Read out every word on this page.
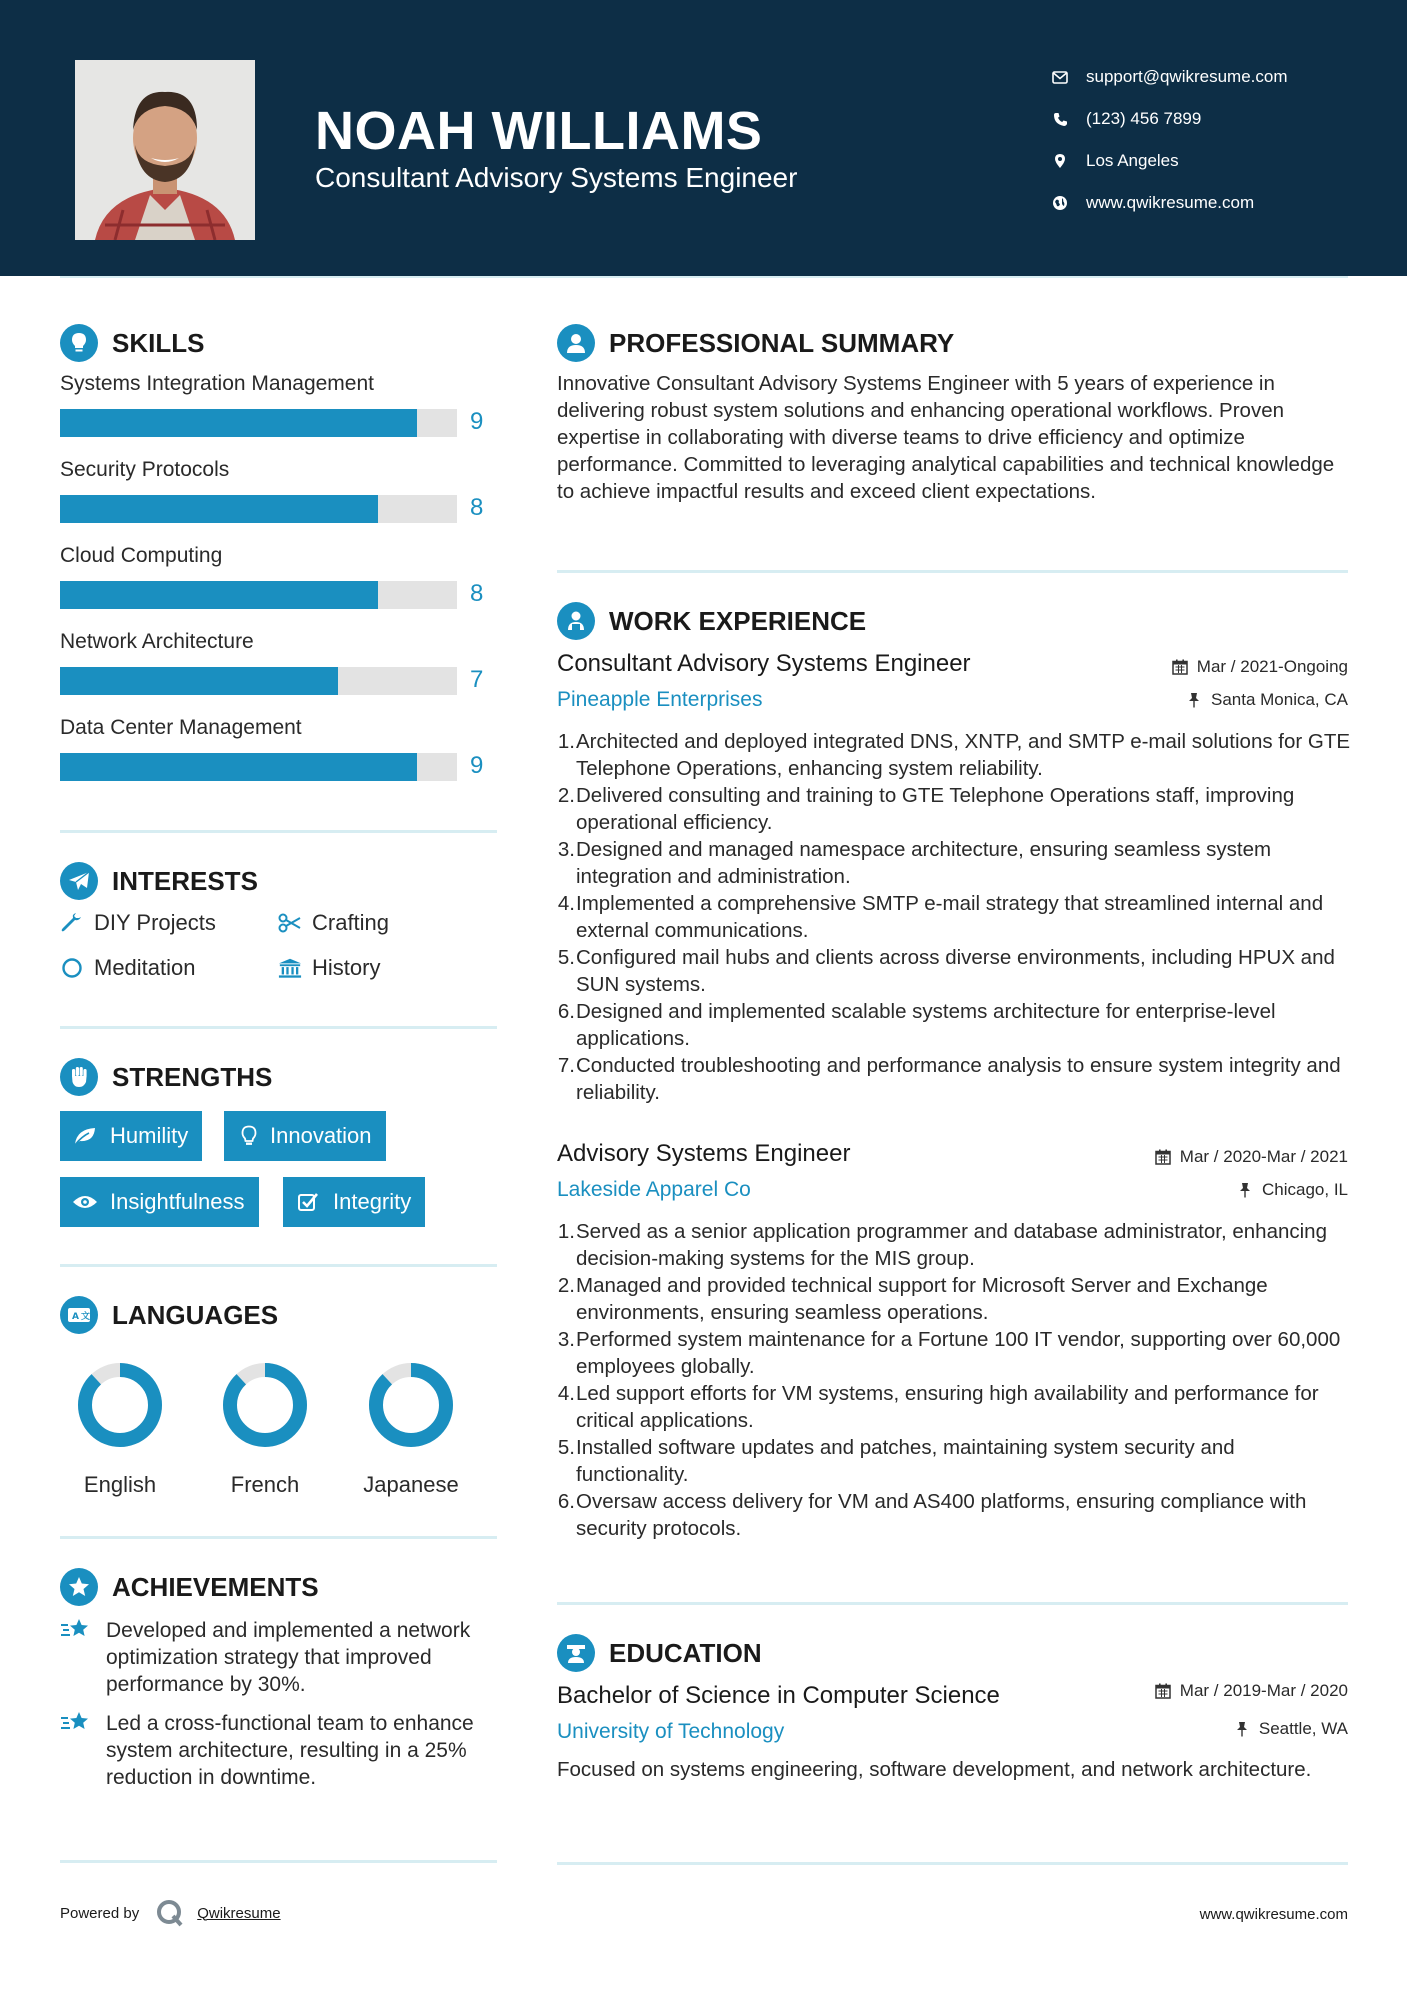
NOAH WILLIAMS
Consultant Advisory Systems Engineer
support@qwikresume.com
(123) 456 7899
Los Angeles
www.qwikresume.com
SKILLS
Systems Integration Management
9
Security Protocols
8
Cloud Computing
8
Network Architecture
7
Data Center Management
9
INTERESTS
DIY Projects	Crafting
Meditation	History
STRENGTHS
Humility	Innovation
Insightfulness	Integrity
A 文 LANGUAGES
English	French	Japanese
ACHIEVEMENTS
Developed and implemented a network optimization strategy that improved performance by 30%.
Led a cross-functional team to enhance system architecture, resulting in a 25% reduction in downtime.
PROFESSIONAL SUMMARY
Innovative Consultant Advisory Systems Engineer with 5 years of experience in delivering robust system solutions and enhancing operational workflows. Proven expertise in collaborating with diverse teams to drive efficiency and optimize performance. Committed to leveraging analytical capabilities and technical knowledge to achieve impactful results and exceed client expectations.
WORK EXPERIENCE
Consultant Advisory Systems Engineer	Mar / 2021-Ongoing
Pineapple Enterprises	Santa Monica, CA
1. Architected and deployed integrated DNS, XNTP, and SMTP e-mail solutions for GTE Telephone Operations, enhancing system reliability.
2. Delivered consulting and training to GTE Telephone Operations staff, improving operational efficiency.
3. Designed and managed namespace architecture, ensuring seamless system integration and administration.
4. Implemented a comprehensive SMTP e-mail strategy that streamlined internal and external communications.
5. Configured mail hubs and clients across diverse environments, including HPUX and SUN systems.
6. Designed and implemented scalable systems architecture for enterprise-level applications.
7. Conducted troubleshooting and performance analysis to ensure system integrity and reliability.
Advisory Systems Engineer	Mar / 2020-Mar / 2021
Lakeside Apparel Co	Chicago, IL
1. Served as a senior application programmer and database administrator, enhancing decision-making systems for the MIS group.
2. Managed and provided technical support for Microsoft Server and Exchange environments, ensuring seamless operations.
3. Performed system maintenance for a Fortune 100 IT vendor, supporting over 60,000 employees globally.
4. Led support efforts for VM systems, ensuring high availability and performance for critical applications.
5. Installed software updates and patches, maintaining system security and functionality.
6. Oversaw access delivery for VM and AS400 platforms, ensuring compliance with security protocols.
EDUCATION
Bachelor of Science in Computer Science	Mar / 2019-Mar / 2020
University of Technology	Seattle, WA
Focused on systems engineering, software development, and network architecture.
Powered by	Qwikresume	www.qwikresume.com
